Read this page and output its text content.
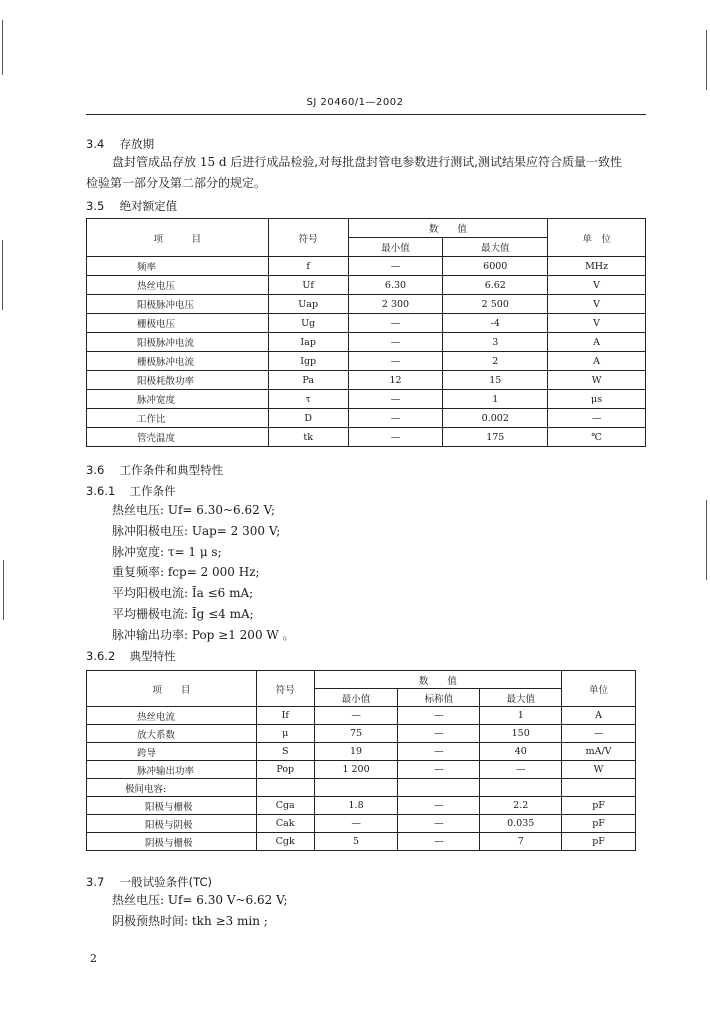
SJ 20460/1—2002
3.4 存放期
盘封管成品存放 15 d 后进行成品检验,对每批盘封管电参数进行测试,测试结果应符合质量一致性
检验第一部分及第二部分的规定。
3.5 绝对额定值
项　　　目	符号	数　　值		单　位
		最小值	最大值	
频率	f	—	6000	MHz
热丝电压	Uf	6.30	6.62	V
阳极脉冲电压	Uap	2 300	2 500	V
栅极电压	Ug	—	-4	V
阳极脉冲电流	Iap	—	3	A
栅极脉冲电流	Igp	—	2	A
阳极耗散功率	Pa	12	15	W
脉冲宽度	τ	—	1	μs
工作比	D	—	0.002	—
管壳温度	tk	—	175	℃
3.6 工作条件和典型特性
3.6.1 工作条件
热丝电压: Uf= 6.30~6.62 V;
脉冲阳极电压: Uap= 2 300 V;
脉冲宽度: τ= 1 μ s;
重复频率: fcp= 2 000 Hz;
平均阳极电流: Īa ≤6 mA;
平均栅极电流: Īg ≤4 mA;
脉冲输出功率: Pop ≥1 200 W 。
3.6.2 典型特性
项　　目	符号	数　　值			单位
		最小值	标称值	最大值	
热丝电流	If	—	—	1	A
放大系数	μ	75	—	150	—
跨导	S	19	—	40	mA/V
脉冲输出功率	Pop	1 200	—	—	W
极间电容:					
阳极与栅极	Cga	1.8	—	2.2	pF
阳极与阴极	Cak	—	—	0.035	pF
阴极与栅极	Cgk	5	—	7	pF
3.7 一般试验条件(TC)
热丝电压: Uf= 6.30 V~6.62 V;
阴极预热时间: tkh ≥3 min ;
2
